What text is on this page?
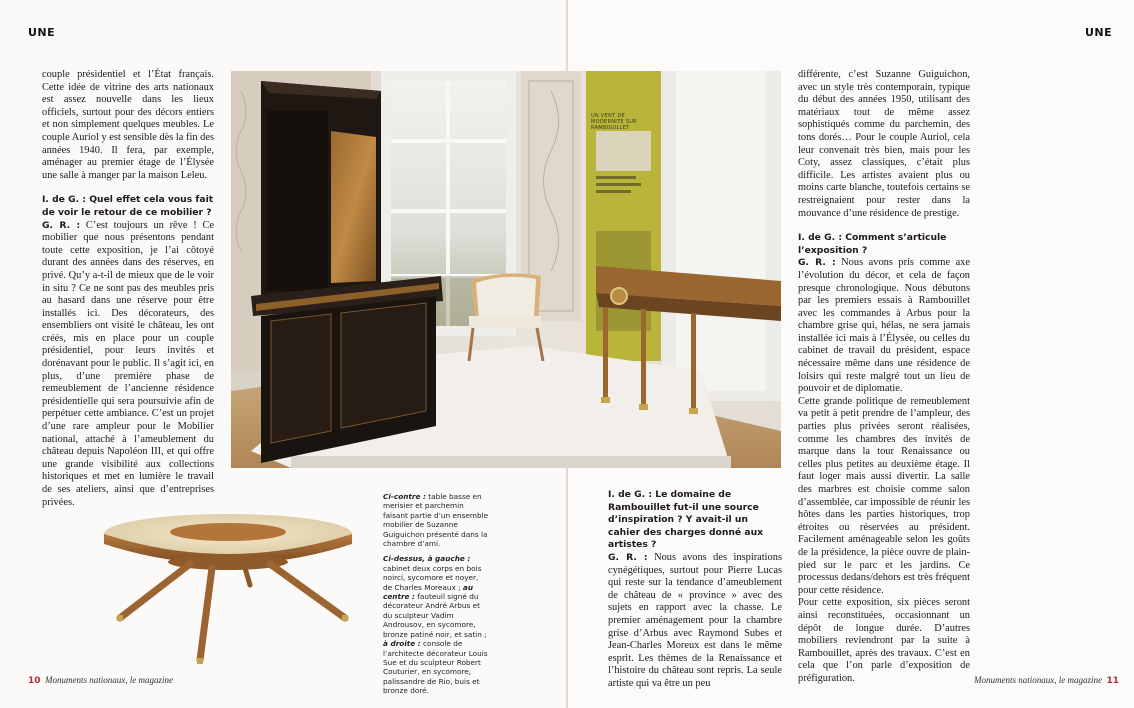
UNE	UNE

couple présidentiel et l’État français. Cette idée de vitrine des arts nationaux est assez nouvelle dans les lieux officiels, surtout pour des décors entiers et non simplement quelques meubles. Le couple Auriol y est sensible dès la fin des années 1940. Il fera, par exemple, aménager au premier étage de l’Élysée une salle à manger par la maison Leleu.

I. de G. : Quel effet cela vous fait de voir le retour de ce mobilier ?

G. R. : C’est toujours un rêve ! Ce mobilier que nous présentons pendant toute cette exposition, je l’ai côtoyé durant des années dans des réserves, en privé. Qu’y a-t-il de mieux que de le voir in situ ? Ce ne sont pas des meubles pris au hasard dans une réserve pour être installés ici. Des décorateurs, des ensembliers ont visité le château, les ont créés, mis en place pour un couple présidentiel, pour leurs invités et dorénavant pour le public. Il s’agit ici, en plus, d’une première phase de remeublement de l’ancienne résidence présidentielle qui sera poursuivie afin de perpétuer cette ambiance. C’est un projet d’une rare ampleur pour le Mobilier national, attaché à l’ameublement du château depuis Napoléon III, et qui offre une grande visibilité aux collections historiques et met en lumière le travail de ses ateliers, ainsi que d’entreprises privées.

UN VENT DE MODERNITÉ SUR RAMBOUILLET

Ci-contre : table basse en merisier et parchemin faisant partie d’un ensemble mobilier de Suzanne Guiguichon présenté dans la chambre d’ami.

Ci-dessus, à gauche : cabinet deux corps en bois noirci, sycomore et noyer, de Charles Moreaux ; au centre : fauteuil signé du décorateur André Arbus et du sculpteur Vadim Androusov, en sycomore, bronze patiné noir, et satin ; à droite : console de l’architecte décorateur Louis Sue et du sculpteur Robert Couturier, en sycomore, palissandre de Rio, buis et bronze doré.

I. de G. : Le domaine de Rambouillet fut-il une source d’inspiration ? Y avait-il un cahier des charges donné aux artistes ?

G. R. : Nous avons des inspirations cynégétiques, surtout pour Pierre Lucas qui reste sur la tendance d’ameublement de château de « province » avec des sujets en rapport avec la chasse. Le premier aménagement pour la chambre grise d’Arbus avec Raymond Subes et Jean-Charles Moreux est dans le même esprit. Les thèmes de la Renaissance et l’histoire du château sont repris. La seule artiste qui va être un peu

différente, c’est Suzanne Guiguichon, avec un style très contemporain, typique du début des années 1950, utilisant des matériaux tout de même assez sophistiqués comme du parchemin, des tons dorés… Pour le couple Auriol, cela leur convenait très bien, mais pour les Coty, assez classiques, c’était plus difficile. Les artistes avaient plus ou moins carte blanche, toutefois certains se restreignaient pour rester dans la mouvance d’une résidence de prestige.

I. de G. : Comment s’articule l’exposition ?

G. R. : Nous avons pris comme axe l’évolution du décor, et cela de façon presque chronologique. Nous débutons par les premiers essais à Rambouillet avec les commandes à Arbus pour la chambre grise qui, hélas, ne sera jamais installée ici mais à l’Élysée, ou celles du cabinet de travail du président, espace nécessaire même dans une résidence de loisirs qui reste malgré tout un lieu de pouvoir et de diplomatie.

Cette grande politique de remeublement va petit à petit prendre de l’ampleur, des parties plus privées seront réalisées, comme les chambres des invités de marque dans la tour Renaissance ou celles plus petites au deuxième étage. Il faut loger mais aussi divertir. La salle des marbres est choisie comme salon d’assemblée, car impossible de réunir les hôtes dans les parties historiques, trop étroites ou réservées au président. Facilement aménageable selon les goûts de la présidence, la pièce ouvre de plain-pied sur le parc et les jardins. Ce processus dedans/dehors est très fréquent pour cette résidence.

Pour cette exposition, six pièces seront ainsi reconstituées, occasionnant un dépôt de longue durée. D’autres mobiliers reviendront par la suite à Rambouillet, après des travaux. C’est en cela que l’on parle d’exposition de préfiguration.

10 Monuments nationaux, le magazine	Monuments nationaux, le magazine 11
